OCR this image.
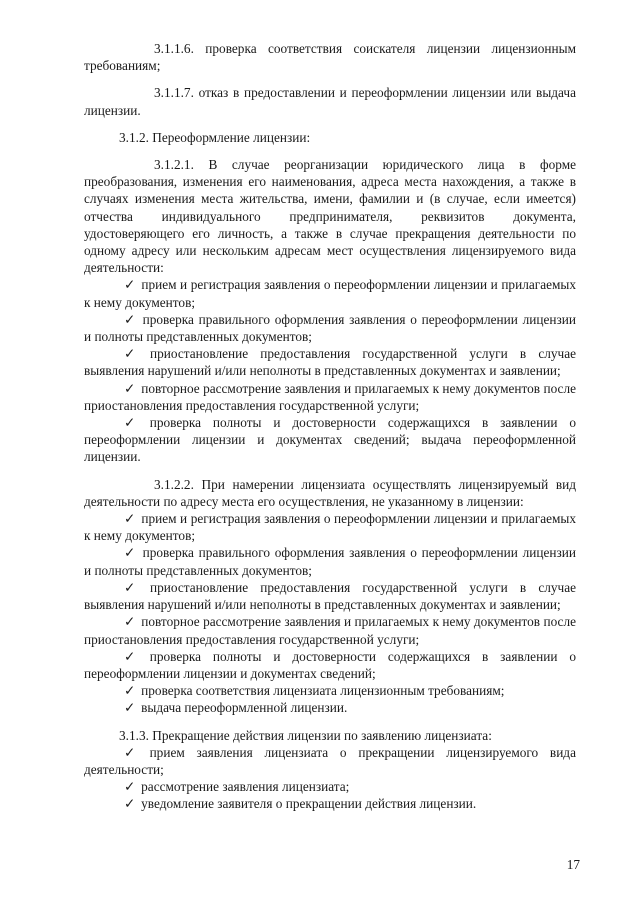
3.1.1.6. проверка соответствия соискателя лицензии лицензионным требованиям;

3.1.1.7. отказ в предоставлении и переоформлении лицензии или выдача лицензии.

3.1.2. Переоформление лицензии:

3.1.2.1. В случае реорганизации юридического лица в форме преобразования, изменения его наименования, адреса места нахождения, а также в случаях изменения места жительства, имени, фамилии и (в случае, если имеется) отчества индивидуального предпринимателя, реквизитов документа, удостоверяющего его личность, а также в случае прекращения деятельности по одному адресу или нескольким адресам мест осуществления лицензируемого вида деятельности:

✓ прием и регистрация заявления о переоформлении лицензии и прилагаемых к нему документов;

✓ проверка правильного оформления заявления о переоформлении лицензии и полноты представленных документов;

✓ приостановление предоставления государственной услуги в случае выявления нарушений и/или неполноты в представленных документах и заявлении;

✓ повторное рассмотрение заявления и прилагаемых к нему документов после приостановления предоставления государственной услуги;

✓ проверка полноты и достоверности содержащихся в заявлении о переоформлении лицензии и документах сведений; выдача переоформленной лицензии.

3.1.2.2. При намерении лицензиата осуществлять лицензируемый вид деятельности по адресу места его осуществления, не указанному в лицензии:

✓ прием и регистрация заявления о переоформлении лицензии и прилагаемых к нему документов;

✓ проверка правильного оформления заявления о переоформлении лицензии и полноты представленных документов;

✓ приостановление предоставления государственной услуги в случае выявления нарушений и/или неполноты в представленных документах и заявлении;

✓ повторное рассмотрение заявления и прилагаемых к нему документов после приостановления предоставления государственной услуги;

✓ проверка полноты и достоверности содержащихся в заявлении о переоформлении лицензии и документах сведений;

✓ проверка соответствия лицензиата лицензионным требованиям;

✓ выдача переоформленной лицензии.

3.1.3. Прекращение действия лицензии по заявлению лицензиата:

✓ прием заявления лицензиата о прекращении лицензируемого вида деятельности;

✓ рассмотрение заявления лицензиата;

✓ уведомление заявителя о прекращении действия лицензии.

17
